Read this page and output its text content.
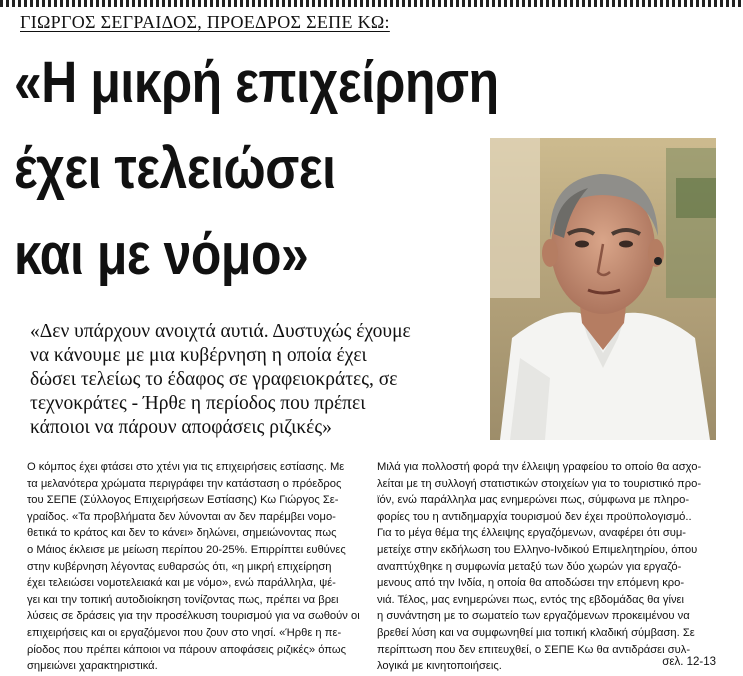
ΓΙΩΡΓΟΣ ΣΕΓΡΑΙΔΟΣ, ΠΡΟΕΔΡΟΣ ΣΕΠΕ ΚΩ:
«Η μικρή επιχείρηση
έχει τελειώσει
και με νόμο»
«Δεν υπάρχουν ανοιχτά αυτιά. Δυστυχώς έχουμε
να κάνουμε με μια κυβέρνηση η οποία έχει
δώσει τελείως το έδαφος σε γραφειοκράτες, σε
τεχνοκράτες - Ήρθε η περίοδος που πρέπει
κάποιοι να πάρουν αποφάσεις ριζικές»
Ο κόμπος έχει φτάσει στο χτένι για τις επιχειρήσεις εστίασης. Με
τα μελανότερα χρώματα περιγράφει την κατάσταση ο πρόεδρος
του ΣΕΠΕ (Σύλλογος Επιχειρήσεων Εστίασης) Κω Γιώργος Σε-
γραίδος. «Τα προβλήματα δεν λύνονται αν δεν παρέμβει νομο-
θετικά το κράτος και δεν το κάνει» δηλώνει, σημειώνοντας πως
ο Μάιος έκλεισε με μείωση περίπου 20-25%. Επιρρίπτει ευθύνες
στην κυβέρνηση λέγοντας ευθαρσώς ότι, «η μικρή επιχείρηση
έχει τελειώσει νομοτελειακά και με νόμο», ενώ παράλληλα, ψέ-
γει και την τοπική αυτοδιοίκηση τονίζοντας πως, πρέπει να βρει
λύσεις σε δράσεις για την προσέλκυση τουρισμού για να σωθούν οι
επιχειρήσεις και οι εργαζόμενοι που ζουν στο νησί. «Ήρθε η πε-
ρίοδος που πρέπει κάποιοι να πάρουν αποφάσεις ριζικές» όπως
σημειώνει χαρακτηριστικά.
Μιλά για πολλοστή φορά την έλλειψη γραφείου το οποίο θα ασχο-
λείται με τη συλλογή στατιστικών στοιχείων για το τουριστικό προ-
ϊόν, ενώ παράλληλα μας ενημερώνει πως, σύμφωνα με πληρο-
φορίες του η αντιδημαρχία τουρισμού δεν έχει προϋπολογισμό..
Για το μέγα θέμα της έλλειψης εργαζόμενων, αναφέρει ότι συμ-
μετείχε στην εκδήλωση του Ελληνο-Ινδικού Επιμελητηρίου, όπου
αναπτύχθηκε η συμφωνία μεταξύ των δύο χωρών για εργαζό-
μενους από την Ινδία, η οποία θα αποδώσει την επόμενη κρο-
νιά. Τέλος, μας ενημερώνει πως, εντός της εβδομάδας θα γίνει
η συνάντηση με το σωματείο των εργαζόμενων προκειμένου να
βρεθεί λύση και να συμφωνηθεί μια τοπική κλαδική σύμβαση. Σε
περίπτωση που δεν επιτευχθεί, ο ΣΕΠΕ Κω θα αντιδράσει συλ-
λογικά με κινητοποιήσεις.	σελ. 12-13
